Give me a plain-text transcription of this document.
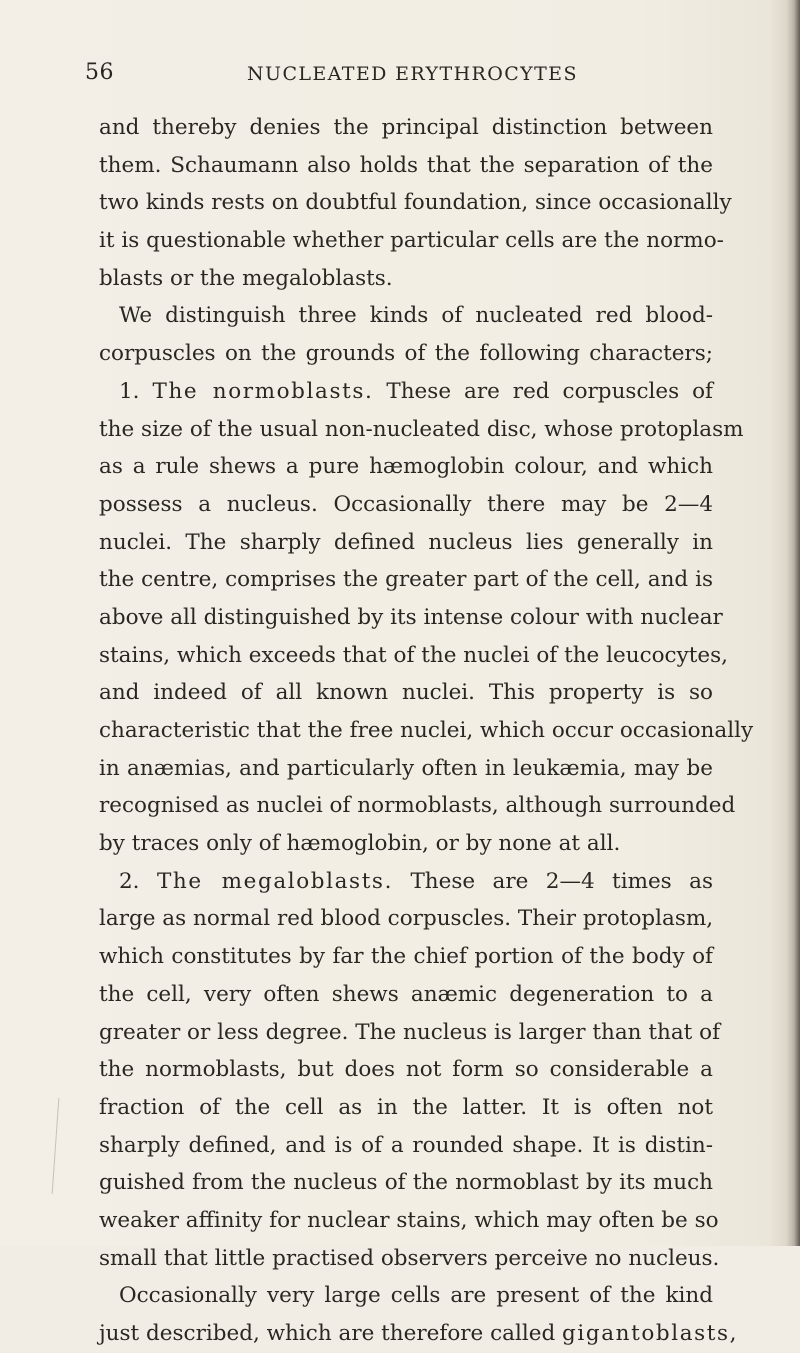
56	NUCLEATED ERYTHROCYTES
and thereby denies the principal distinction between
them. Schaumann also holds that the separation of the
two kinds rests on doubtful foundation, since occasionally
it is questionable whether particular cells are the normo-
blasts or the megaloblasts.
We distinguish three kinds of nucleated red blood-
corpuscles on the grounds of the following characters;
1. The normoblasts. These are red corpuscles of
the size of the usual non-nucleated disc, whose protoplasm
as a rule shews a pure hæmoglobin colour, and which
possess a nucleus. Occasionally there may be 2—4
nuclei. The sharply defined nucleus lies generally in
the centre, comprises the greater part of the cell, and is
above all distinguished by its intense colour with nuclear
stains, which exceeds that of the nuclei of the leucocytes,
and indeed of all known nuclei. This property is so
characteristic that the free nuclei, which occur occasionally
in anæmias, and particularly often in leukæmia, may be
recognised as nuclei of normoblasts, although surrounded
by traces only of hæmoglobin, or by none at all.
2. The megaloblasts. These are 2—4 times as
large as normal red blood corpuscles. Their protoplasm,
which constitutes by far the chief portion of the body of
the cell, very often shews anæmic degeneration to a
greater or less degree. The nucleus is larger than that of
the normoblasts, but does not form so considerable a
fraction of the cell as in the latter. It is often not
sharply defined, and is of a rounded shape. It is distin-
guished from the nucleus of the normoblast by its much
weaker affinity for nuclear stains, which may often be so
small that little practised observers perceive no nucleus.
Occasionally very large cells are present of the kind
just described, which are therefore called gigantoblasts,
